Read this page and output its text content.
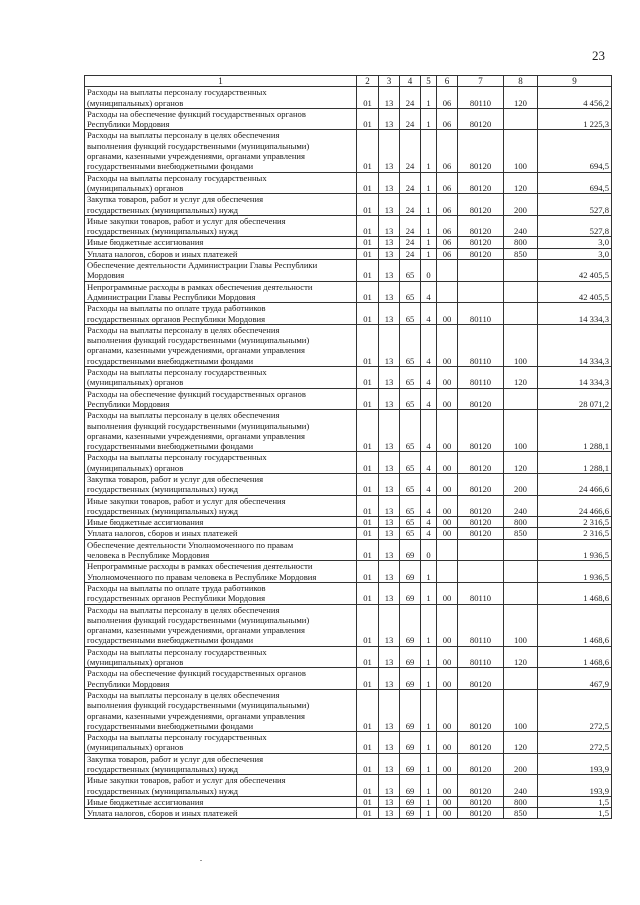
23
1	2	3	4	5	6	7	8	9

Расходы на выплаты персоналу государственных
(муниципальных) органов	01	13	24	1	06	80110	120	4 456,2

Расходы на обеспечение функций государственных органов
Республики Мордовия	01	13	24	1	06	80120		1 225,3

Расходы на выплаты персоналу в целях обеспечения
выполнения функций государственными (муниципальными)
органами, казенными учреждениями, органами управления
государственными внебюджетными фондами	01	13	24	1	06	80120	100	694,5

Расходы на выплаты персоналу государственных
(муниципальных) органов	01	13	24	1	06	80120	120	694,5

Закупка товаров, работ и услуг для обеспечения
государственных (муниципальных) нужд	01	13	24	1	06	80120	200	527,8

Иные закупки товаров, работ и услуг для обеспечения
государственных (муниципальных) нужд	01	13	24	1	06	80120	240	527,8

Иные бюджетные ассигнования	01	13	24	1	06	80120	800	3,0

Уплата налогов, сборов и иных платежей	01	13	24	1	06	80120	850	3,0

Обеспечение деятельности Администрации Главы Республики
Мордовия	01	13	65	0				42 405,5

Непрограммные расходы в рамках обеспечения деятельности
Администрации Главы Республики Мордовия	01	13	65	4				42 405,5

Расходы на выплаты по оплате труда работников
государственных органов Республики Мордовия	01	13	65	4	00	80110		14 334,3

Расходы на выплаты персоналу в целях обеспечения
выполнения функций государственными (муниципальными)
органами, казенными учреждениями, органами управления
государственными внебюджетными фондами	01	13	65	4	00	80110	100	14 334,3

Расходы на выплаты персоналу государственных
(муниципальных) органов	01	13	65	4	00	80110	120	14 334,3

Расходы на обеспечение функций государственных органов
Республики Мордовия	01	13	65	4	00	80120		28 071,2

Расходы на выплаты персоналу в целях обеспечения
выполнения функций государственными (муниципальными)
органами, казенными учреждениями, органами управления
государственными внебюджетными фондами	01	13	65	4	00	80120	100	1 288,1

Расходы на выплаты персоналу государственных
(муниципальных) органов	01	13	65	4	00	80120	120	1 288,1

Закупка товаров, работ и услуг для обеспечения
государственных (муниципальных) нужд	01	13	65	4	00	80120	200	24 466,6

Иные закупки товаров, работ и услуг для обеспечения
государственных (муниципальных) нужд	01	13	65	4	00	80120	240	24 466,6

Иные бюджетные ассигнования	01	13	65	4	00	80120	800	2 316,5

Уплата налогов, сборов и иных платежей	01	13	65	4	00	80120	850	2 316,5

Обеспечение деятельности Уполномоченного по правам
человека в Республике Мордовия	01	13	69	0				1 936,5

Непрограммные расходы в рамках обеспечения деятельности
Уполномоченного по правам человека в Республике Мордовия	01	13	69	1				1 936,5

Расходы на выплаты по оплате труда работников
государственных органов Республики Мордовия	01	13	69	1	00	80110		1 468,6

Расходы на выплаты персоналу в целях обеспечения
выполнения функций государственными (муниципальными)
органами, казенными учреждениями, органами управления
государственными внебюджетными фондами	01	13	69	1	00	80110	100	1 468,6

Расходы на выплаты персоналу государственных
(муниципальных) органов	01	13	69	1	00	80110	120	1 468,6

Расходы на обеспечение функций государственных органов
Республики Мордовия	01	13	69	1	00	80120		467,9

Расходы на выплаты персоналу в целях обеспечения
выполнения функций государственными (муниципальными)
органами, казенными учреждениями, органами управления
государственными внебюджетными фондами	01	13	69	1	00	80120	100	272,5

Расходы на выплаты персоналу государственных
(муниципальных) органов	01	13	69	1	00	80120	120	272,5

Закупка товаров, работ и услуг для обеспечения
государственных (муниципальных) нужд	01	13	69	1	00	80120	200	193,9

Иные закупки товаров, работ и услуг для обеспечения
государственных (муниципальных) нужд	01	13	69	1	00	80120	240	193,9

Иные бюджетные ассигнования	01	13	69	1	00	80120	800	1,5

Уплата налогов, сборов и иных платежей	01	13	69	1	00	80120	850	1,5
